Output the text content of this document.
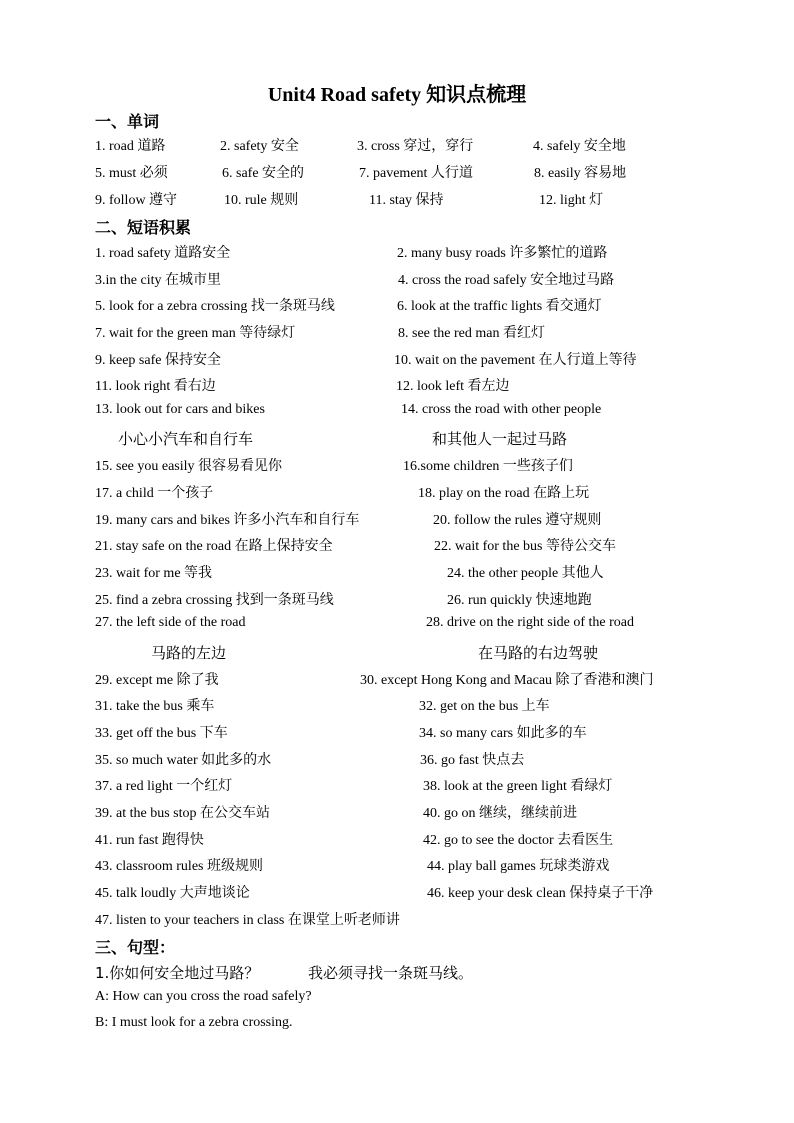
Unit4 Road safety 知识点梳理
一、单词
1. road 道路	2. safety 安全	3. cross 穿过，穿行	4. safely 安全地
5. must 必须	6. safe 安全的	7. pavement 人行道	8. easily 容易地
9. follow 遵守	10. rule 规则	11. stay 保持	12. light 灯
二、短语积累
1. road safety 道路安全	2. many busy roads 许多繁忙的道路
3.in the city 在城市里	4. cross the road safely 安全地过马路
5. look for a zebra crossing 找一条斑马线	6. look at the traffic lights 看交通灯
7. wait for the green man 等待绿灯	8. see the red man 看红灯
9. keep safe 保持安全	10. wait on the pavement 在人行道上等待
11. look right 看右边	12. look left 看左边
13. look out for cars and bikes	14. cross the road with other people
小心小汽车和自行车	和其他人一起过马路
15. see you easily 很容易看见你	16.some children 一些孩子们
17. a child 一个孩子	18. play on the road 在路上玩
19. many cars and bikes 许多小汽车和自行车	20. follow the rules 遵守规则
21. stay safe on the road 在路上保持安全	22. wait for the bus 等待公交车
23. wait for me 等我	24. the other people 其他人
25. find a zebra crossing 找到一条斑马线	26. run quickly 快速地跑
27. the left side of the road	28. drive on the right side of the road
马路的左边	在马路的右边驾驶
29. except me 除了我	30. except Hong Kong and Macau 除了香港和澳门
31. take the bus 乘车	32. get on the bus 上车
33. get off the bus 下车	34. so many cars 如此多的车
35. so much water 如此多的水	36. go fast 快点去
37. a red light 一个红灯	38. look at the green light 看绿灯
39. at the bus stop 在公交车站	40. go on 继续，继续前进
41. run fast 跑得快	42. go to see the doctor 去看医生
43. classroom rules 班级规则	44. play ball games 玩球类游戏
45. talk loudly 大声地谈论	46. keep your desk clean 保持桌子干净
47. listen to your teachers in class 在课堂上听老师讲
三、句型：
1.你如何安全地过马路？	我必须寻找一条斑马线。
A: How can you cross the road safely?
B: I must look for a zebra crossing.
